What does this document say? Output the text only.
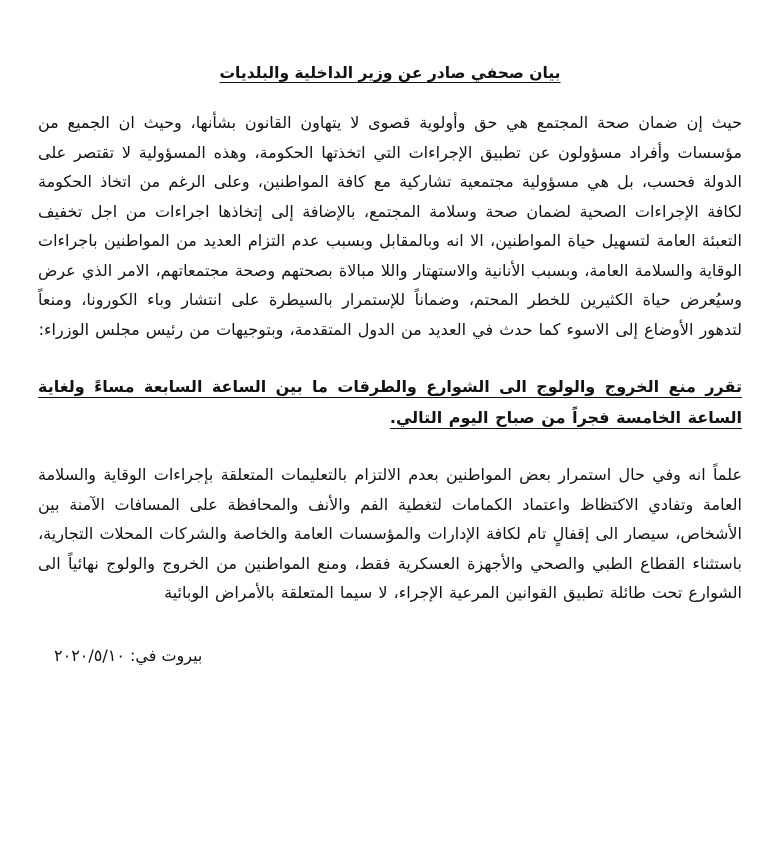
بيان صحفي صادر عن وزير الداخلية والبلديات

حيث إن ضمان صحة المجتمع هي حق وأولوية قصوى لا يتهاون القانون بشأنها، وحيث ان الجميع من مؤسسات وأفراد مسؤولون عن تطبيق الإجراءات التي اتخذتها الحكومة، وهذه المسؤولية لا تقتصر على الدولة فحسب، بل هي مسؤولية مجتمعية تشاركية مع كافة المواطنين، وعلى الرغم من اتخاذ الحكومة لكافة الإجراءات الصحية لضمان صحة وسلامة المجتمع، بالإضافة إلى إتخاذها اجراءات من اجل تخفيف التعبئة العامة لتسهيل حياة المواطنين، الا انه وبالمقابل وبسبب عدم التزام العديد من المواطنين باجراءات الوقاية والسلامة العامة، وبسبب الأنانية والاستهتار واللا مبالاة بصحتهم وصحة مجتمعاتهم، الامر الذي عرض وسيُعرض حياة الكثيرين للخطر المحتم، وضماناً للإستمرار بالسيطرة على انتشار وباء الكورونا، ومنعاً لتدهور الأوضاع إلى الاسوء كما حدث في العديد من الدول المتقدمة، وبتوجيهات من رئيس مجلس الوزراء:

تقرر منع الخروج والولوج الى الشوارع والطرقات ما بين الساعة السابعة مساءً ولغاية الساعة الخامسة فجراً من صباح اليوم التالي.

علماً انه وفي حال استمرار بعض المواطنين بعدم الالتزام بالتعليمات المتعلقة بإجراءات الوقاية والسلامة العامة وتفادي الاكتظاظ واعتماد الكمامات لتغطية الفم والأنف والمحافظة على المسافات الآمنة بين الأشخاص، سيصار الى إقفالٍ تام لكافة الإدارات والمؤسسات العامة والخاصة والشركات المحلات التجارية، باستثناء القطاع الطبي والصحي والأجهزة العسكرية فقط، ومنع المواطنين من الخروج والولوج نهائياً الى الشوارع تحت طائلة تطبيق القوانين المرعية الإجراء، لا سيما المتعلقة بالأمراض الوبائية

بيروت في: ٢٠٢٠/٥/١٠
